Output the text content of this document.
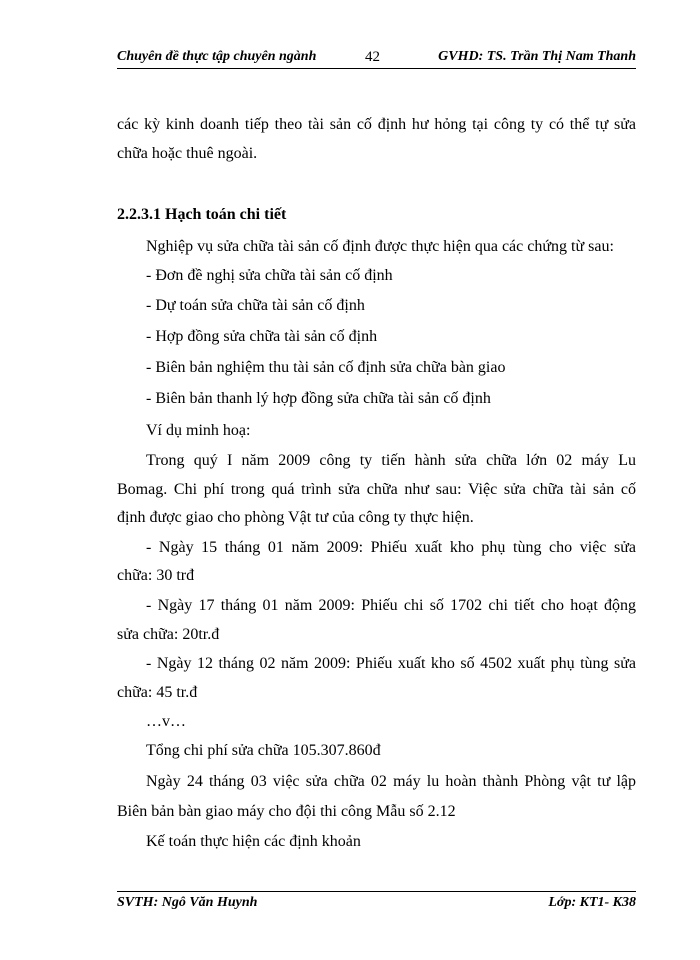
Chuyên đề thực tập chuyên ngành	42	GVHD: TS. Trần Thị Nam Thanh
các kỳ kinh doanh tiếp theo tài sản cố định hư hỏng tại công ty có thể tự sửa
chữa hoặc thuê ngoài.
2.2.3.1 Hạch toán chi tiết
Nghiệp vụ sửa chữa tài sản cố định được thực hiện qua các chứng từ sau:
- Đơn đề nghị sửa chữa tài sản cố định
- Dự toán sửa chữa tài sản cố định
- Hợp đồng sửa chữa tài sản cố định
- Biên bản nghiệm thu tài sản cố định sửa chữa bàn giao
- Biên bản thanh lý hợp đồng sửa chữa tài sản cố định
Ví dụ minh hoạ:
Trong quý I năm 2009 công ty tiến hành sửa chữa lớn 02 máy Lu
Bomag. Chi phí trong quá trình sửa chữa như sau: Việc sửa chữa tài sản cố
định được giao cho phòng Vật tư của công ty thực hiện.
- Ngày 15 tháng 01 năm 2009: Phiếu xuất kho phụ tùng cho việc sửa
chữa: 30 trđ
- Ngày 17 tháng 01 năm 2009: Phiếu chi số 1702 chi tiết cho hoạt động
sửa chữa: 20tr.đ
- Ngày 12 tháng 02 năm 2009: Phiếu xuất kho số 4502 xuất phụ tùng sửa
chữa: 45 tr.đ
…v…
Tổng chi phí sửa chữa 105.307.860đ
Ngày 24 tháng 03 việc sửa chữa 02 máy lu hoàn thành Phòng vật tư lập
Biên bản bàn giao máy cho đội thi công Mẫu số 2.12
Kế toán thực hiện các định khoản
SVTH: Ngô Văn Huynh	Lớp: KT1- K38
